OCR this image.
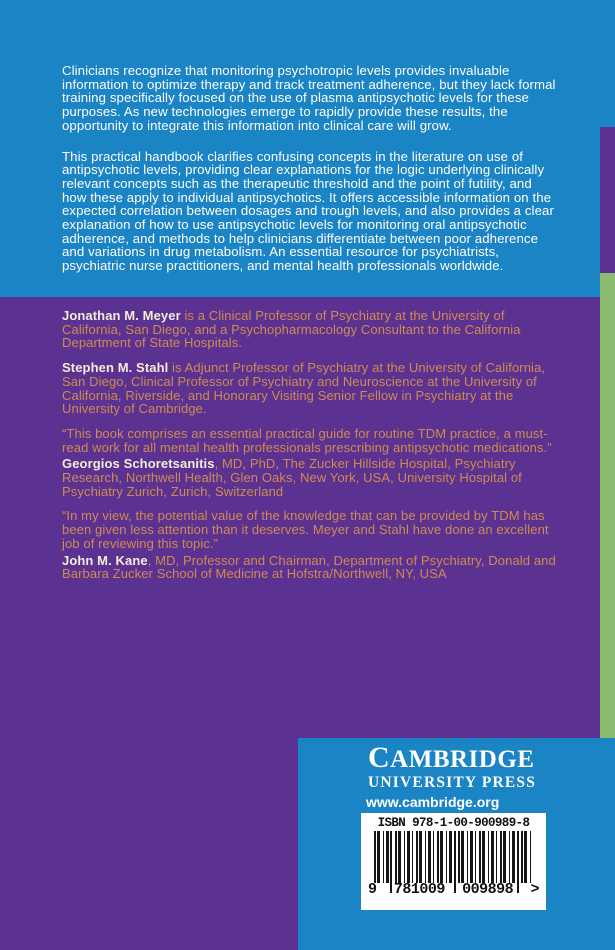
Clinicians recognize that monitoring psychotropic levels provides invaluable information to optimize therapy and track treatment adherence, but they lack formal training specifically focused on the use of plasma antipsychotic levels for these purposes. As new technologies emerge to rapidly provide these results, the opportunity to integrate this information into clinical care will grow.

This practical handbook clarifies confusing concepts in the literature on use of antipsychotic levels, providing clear explanations for the logic underlying clinically relevant concepts such as the therapeutic threshold and the point of futility, and how these apply to individual antipsychotics. It offers accessible information on the expected correlation between dosages and trough levels, and also provides a clear explanation of how to use antipsychotic levels for monitoring oral antipsychotic adherence, and methods to help clinicians differentiate between poor adherence and variations in drug metabolism. An essential resource for psychiatrists, psychiatric nurse practitioners, and mental health professionals worldwide.

Jonathan M. Meyer is a Clinical Professor of Psychiatry at the University of California, San Diego, and a Psychopharmacology Consultant to the California Department of State Hospitals.

Stephen M. Stahl is Adjunct Professor of Psychiatry at the University of California, San Diego, Clinical Professor of Psychiatry and Neuroscience at the University of California, Riverside, and Honorary Visiting Senior Fellow in Psychiatry at the University of Cambridge.

“This book comprises an essential practical guide for routine TDM practice, a must-read work for all mental health professionals prescribing antipsychotic medications.”

Georgios Schoretsanitis, MD, PhD, The Zucker Hillside Hospital, Psychiatry Research, Northwell Health, Glen Oaks, New York, USA, University Hospital of Psychiatry Zurich, Zurich, Switzerland

“In my view, the potential value of the knowledge that can be provided by TDM has been given less attention than it deserves. Meyer and Stahl have done an excellent job of reviewing this topic.”

John M. Kane, MD, Professor and Chairman, Department of Psychiatry, Donald and Barbara Zucker School of Medicine at Hofstra/Northwell, NY, USA

CAMBRIDGE
UNIVERSITY PRESS
www.cambridge.org
ISBN 978-1-00-900989-8
9 781009 009898 >
